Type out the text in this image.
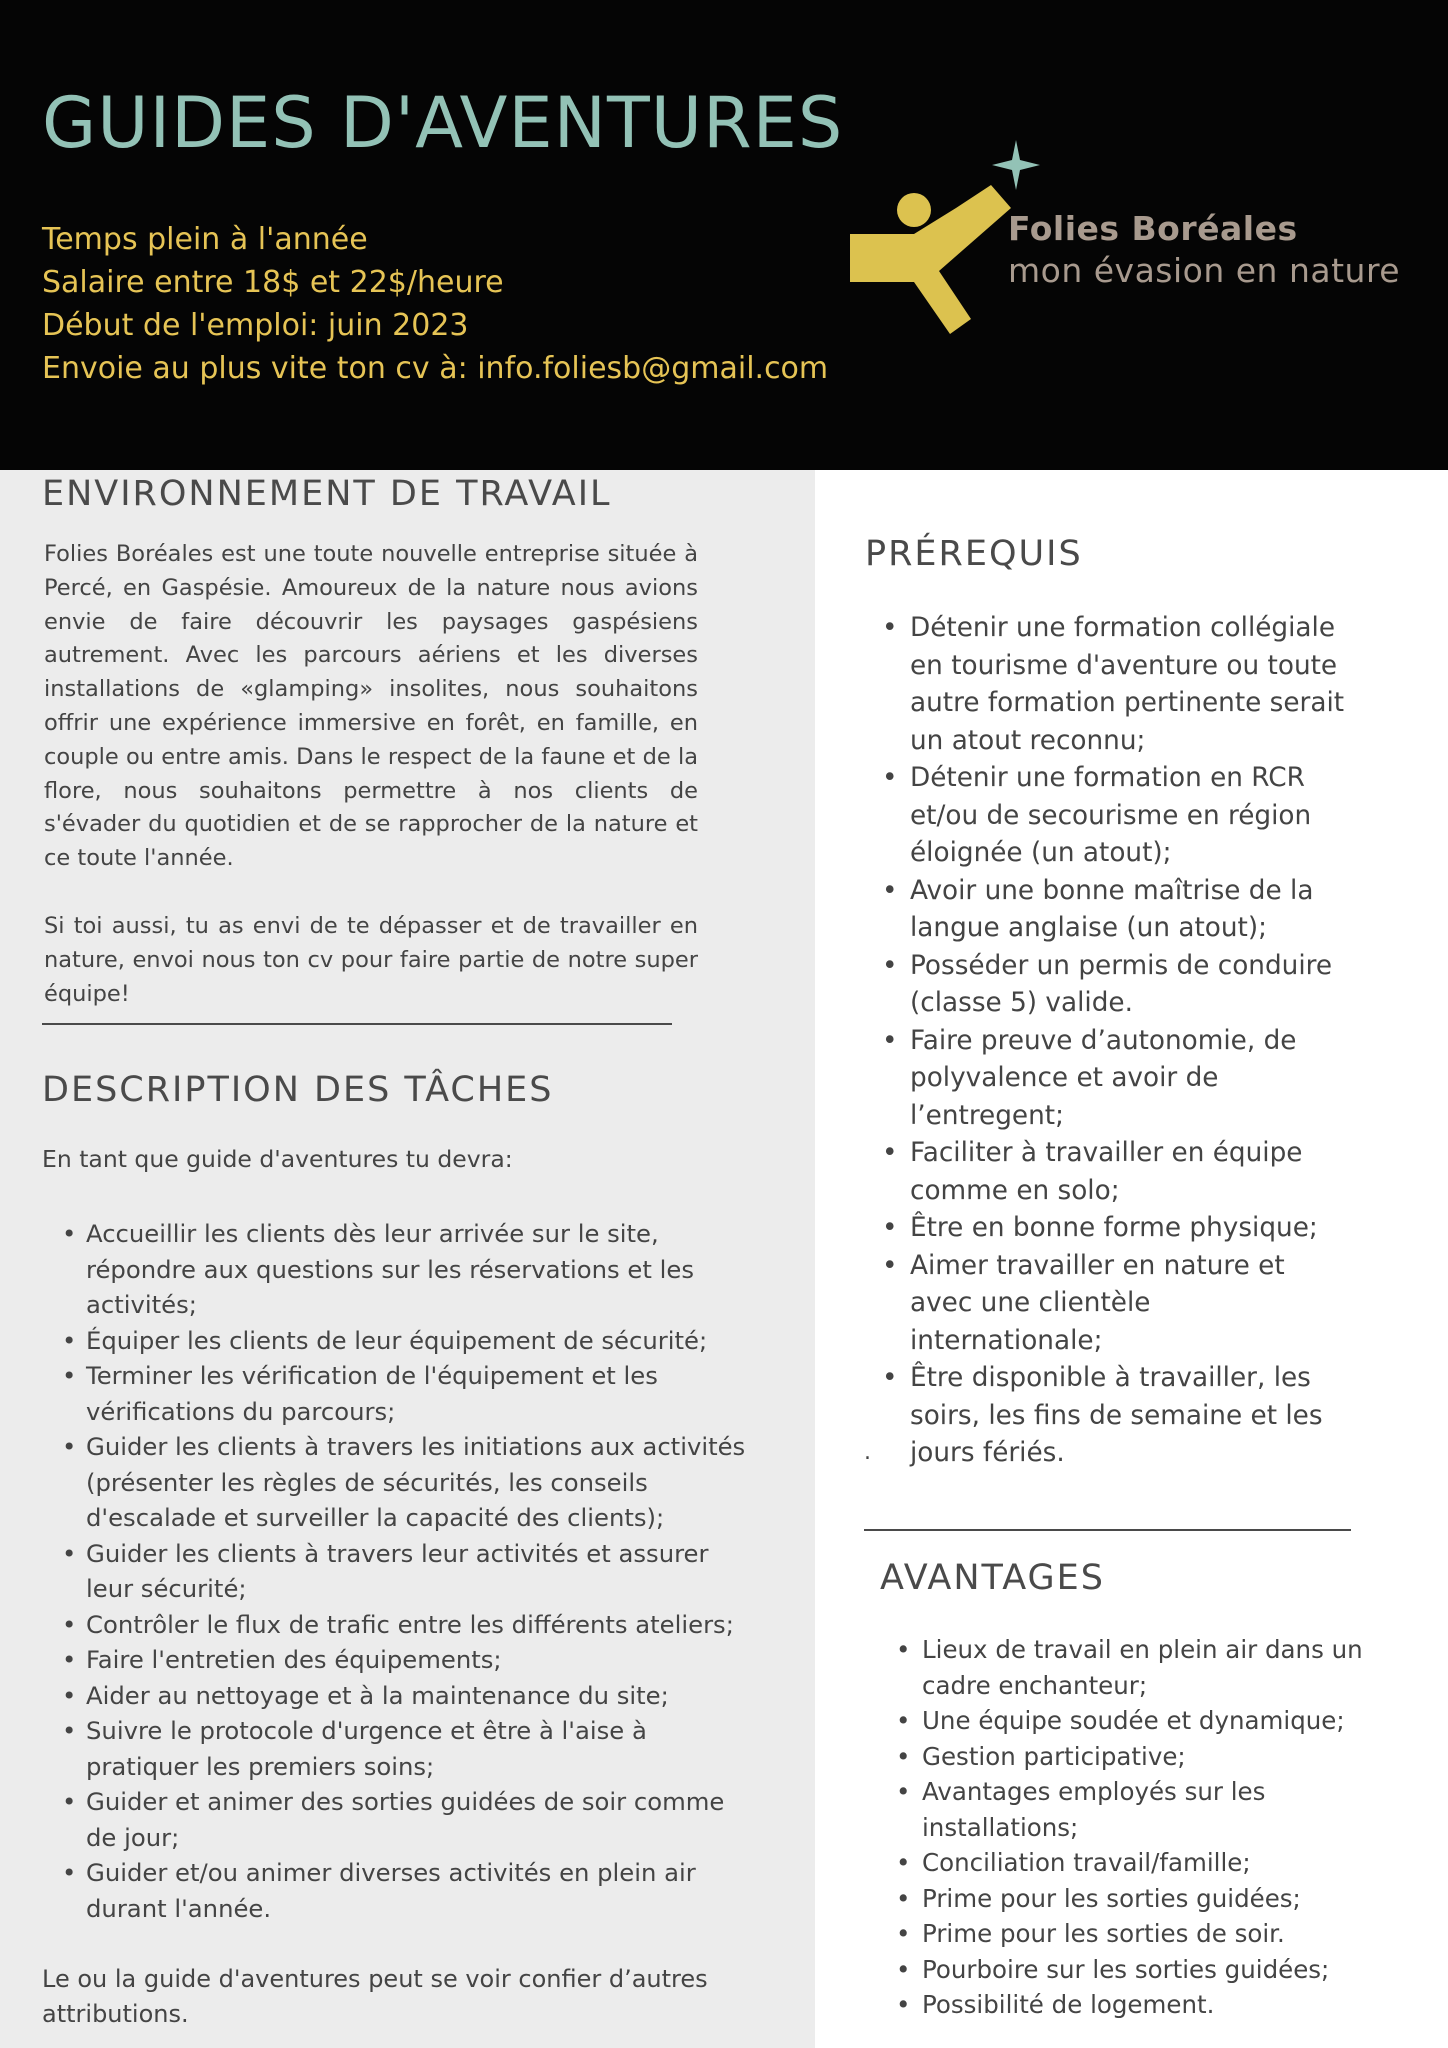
GUIDES D'AVENTURES
Temps plein à l'année
Salaire entre 18$ et 22$/heure
Début de l'emploi: juin 2023
Envoie au plus vite ton cv à: info.foliesb@gmail.com
Folies Boréales
mon évasion en nature
ENVIRONNEMENT DE TRAVAIL

Folies Boréales est une toute nouvelle entreprise située à Percé, en Gaspésie. Amoureux de la nature nous avions envie de faire découvrir les paysages gaspésiens autrement. Avec les parcours aériens et les diverses installations de «glamping» insolites, nous souhaitons offrir une expérience immersive en forêt, en famille, en couple ou entre amis. Dans le respect de la faune et de la flore, nous souhaitons permettre à nos clients de s'évader du quotidien et de se rapprocher de la nature et ce toute l'année.

Si toi aussi, tu as envi de te dépasser et de travailler en nature, envoi nous ton cv pour faire partie de notre super équipe!

DESCRIPTION DES TÂCHES

En tant que guide d'aventures tu devra:

• Accueillir les clients dès leur arrivée sur le site, répondre aux questions sur les réservations et les activités;
• Équiper les clients de leur équipement de sécurité;
• Terminer les vérification de l'équipement et les vérifications du parcours;
• Guider les clients à travers les initiations aux activités (présenter les règles de sécurités, les conseils d'escalade et surveiller la capacité des clients);
• Guider les clients à travers leur activités et assurer leur sécurité;
• Contrôler le flux de trafic entre les différents ateliers;
• Faire l'entretien des équipements;
• Aider au nettoyage et à la maintenance du site;
• Suivre le protocole d'urgence et être à l'aise à pratiquer les premiers soins;
• Guider et animer des sorties guidées de soir comme de jour;
• Guider et/ou animer diverses activités en plein air durant l'année.

Le ou la guide d'aventures peut se voir confier d’autres attributions.

PRÉREQUIS
• Détenir une formation collégiale en tourisme d'aventure ou toute autre formation pertinente serait un atout reconnu;
• Détenir une formation en RCR et/ou de secourisme en région éloignée (un atout);
• Avoir une bonne maîtrise de la langue anglaise (un atout);
• Posséder un permis de conduire (classe 5) valide.
• Faire preuve d’autonomie, de polyvalence et avoir de l’entregent;
• Faciliter à travailler en équipe comme en solo;
• Être en bonne forme physique;
• Aimer travailler en nature et avec une clientèle internationale;
• Être disponible à travailler, les soirs, les fins de semaine et les jours fériés.
.
AVANTAGES
• Lieux de travail en plein air dans un cadre enchanteur;
• Une équipe soudée et dynamique;
• Gestion participative;
• Avantages employés sur les installations;
• Conciliation travail/famille;
• Prime pour les sorties guidées;
• Prime pour les sorties de soir.
• Pourboire sur les sorties guidées;
• Possibilité de logement.
